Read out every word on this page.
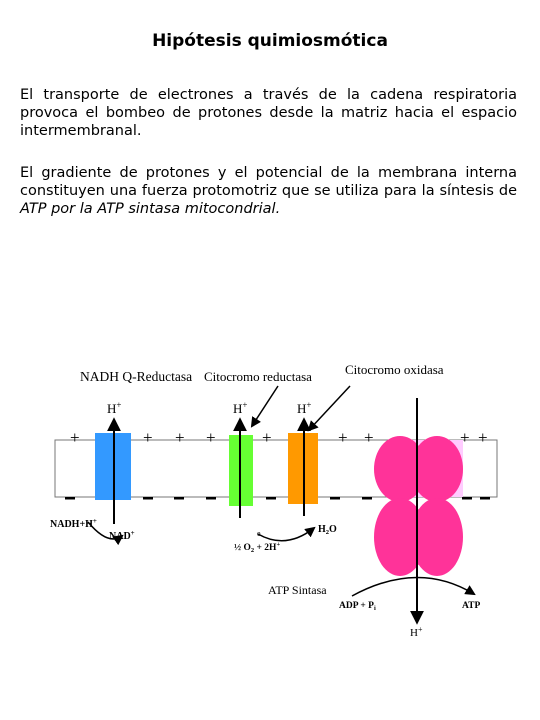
Hipótesis quimiosmótica
El transporte de electrones a través de la cadena respiratoria provoca el bombeo de protones desde la matriz hacia el espacio intermembranal.
El gradiente de protones y el potencial de la membrana interna constituyen una fuerza protomotriz que se utiliza para la síntesis de ATP por la ATP sintasa mitocondrial.
NADH Q-Reductasa Citocromo reductasa	Citocromo oxidasa
H+	H+	H+
+	+ + +	+	+ +	+ +
NADH+H+
NAD+	e
½ $O_2 + 2H^+$
$H_2O$
ATP Sintasa
ADP + $P_i$	ATP
H+
